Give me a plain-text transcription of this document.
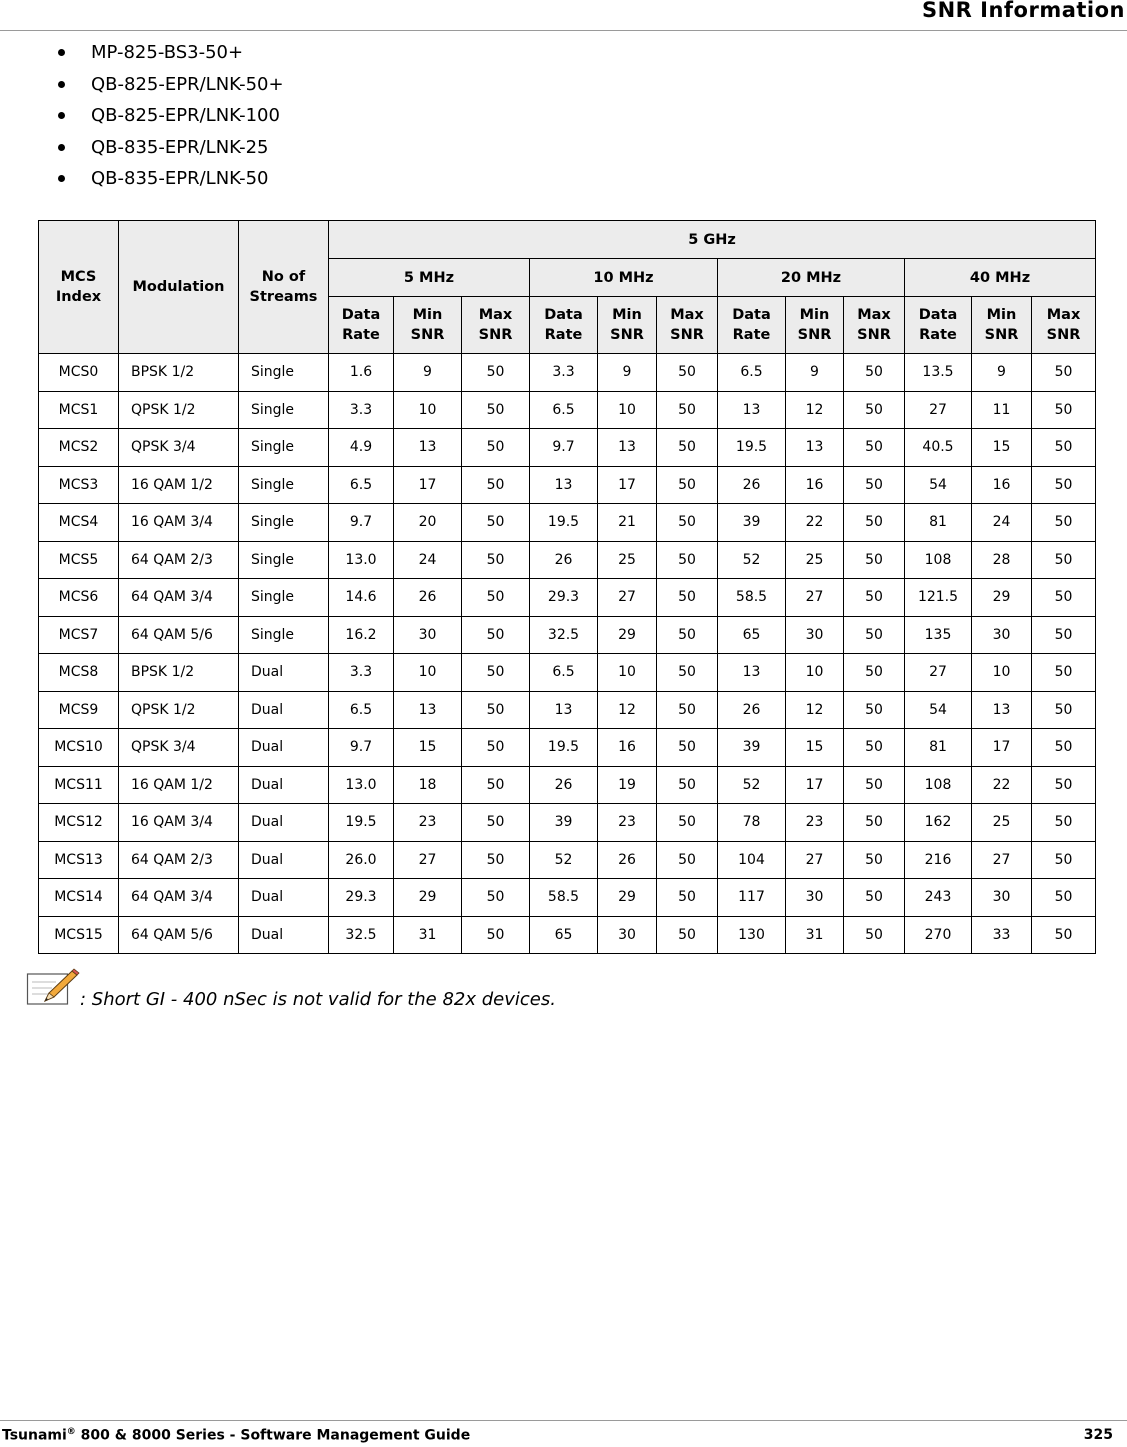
SNR Information
MP-825-BS3-50+
QB-825-EPR/LNK-50+
QB-825-EPR/LNK-100
QB-835-EPR/LNK-25
QB-835-EPR/LNK-50
MCS Index	Modulation	No of Streams	5 GHz											
			5 MHz			10 MHz			20 MHz			40 MHz		
			Data Rate	Min SNR	Max SNR	Data Rate	Min SNR	Max SNR	Data Rate	Min SNR	Max SNR	Data Rate	Min SNR	Max SNR
MCS0	BPSK 1/2	Single	1.6	9	50	3.3	9	50	6.5	9	50	13.5	9	50
MCS1	QPSK 1/2	Single	3.3	10	50	6.5	10	50	13	12	50	27	11	50
MCS2	QPSK 3/4	Single	4.9	13	50	9.7	13	50	19.5	13	50	40.5	15	50
MCS3	16 QAM 1/2	Single	6.5	17	50	13	17	50	26	16	50	54	16	50
MCS4	16 QAM 3/4	Single	9.7	20	50	19.5	21	50	39	22	50	81	24	50
MCS5	64 QAM 2/3	Single	13.0	24	50	26	25	50	52	25	50	108	28	50
MCS6	64 QAM 3/4	Single	14.6	26	50	29.3	27	50	58.5	27	50	121.5	29	50
MCS7	64 QAM 5/6	Single	16.2	30	50	32.5	29	50	65	30	50	135	30	50
MCS8	BPSK 1/2	Dual	3.3	10	50	6.5	10	50	13	10	50	27	10	50
MCS9	QPSK 1/2	Dual	6.5	13	50	13	12	50	26	12	50	54	13	50
MCS10	QPSK 3/4	Dual	9.7	15	50	19.5	16	50	39	15	50	81	17	50
MCS11	16 QAM 1/2	Dual	13.0	18	50	26	19	50	52	17	50	108	22	50
MCS12	16 QAM 3/4	Dual	19.5	23	50	39	23	50	78	23	50	162	25	50
MCS13	64 QAM 2/3	Dual	26.0	27	50	52	26	50	104	27	50	216	27	50
MCS14	64 QAM 3/4	Dual	29.3	29	50	58.5	29	50	117	30	50	243	30	50
MCS15	64 QAM 5/6	Dual	32.5	31	50	65	30	50	130	31	50	270	33	50
: Short GI - 400 nSec is not valid for the 82x devices.
Tsunami® 800 & 8000 Series - Software Management Guide	325
